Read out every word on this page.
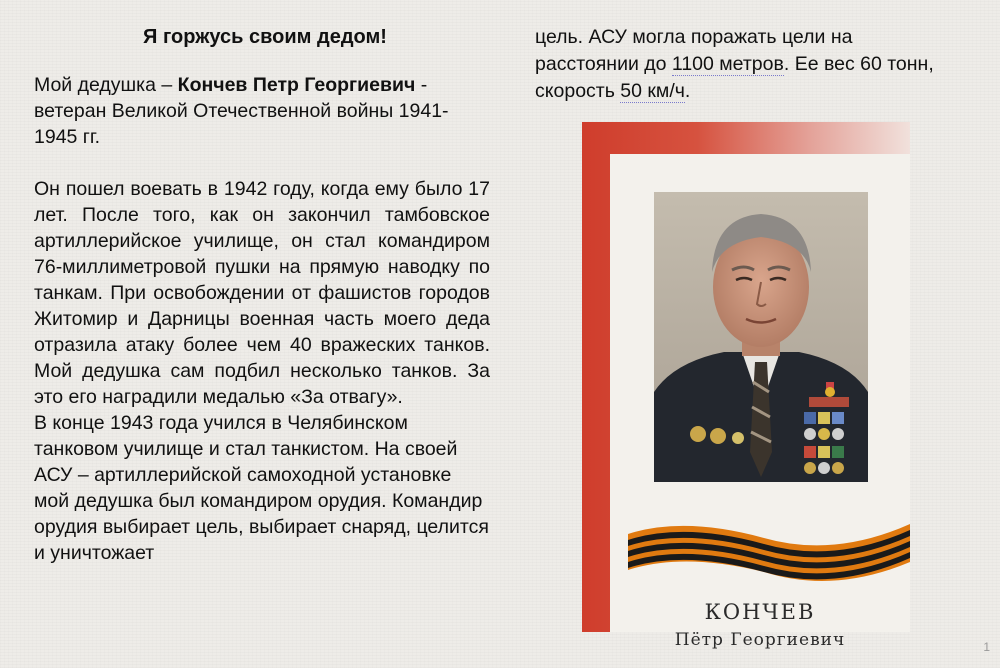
Я горжусь своим дедом!

Мой дедушка – Кончев Петр Георгиевич - ветеран Великой Отечественной войны 1941-1945 гг.

Он пошел воевать в 1942 году, когда ему было 17 лет. После того, как он закончил тамбовское артиллерийское училище, он стал командиром 76-миллиметровой пушки на прямую наводку по танкам. При освобождении от фашистов городов Житомир и Дарницы военная часть моего деда отразила атаку более чем 40 вражеских танков. Мой дедушка сам подбил несколько танков. За это его наградили медалью «За отвагу».

В конце 1943 года учился в Челябинском танковом училище и стал танкистом. На своей АСУ – артиллерийской самоходной установке мой дедушка был командиром орудия. Командир орудия выбирает цель, выбирает снаряд, целится и уничтожает

цель. АСУ могла поражать цели на расстоянии до 1100 метров. Ее вес 60 тонн, скорость 50 км/ч.

КОНЧЕВ
Пётр Георгиевич	1
